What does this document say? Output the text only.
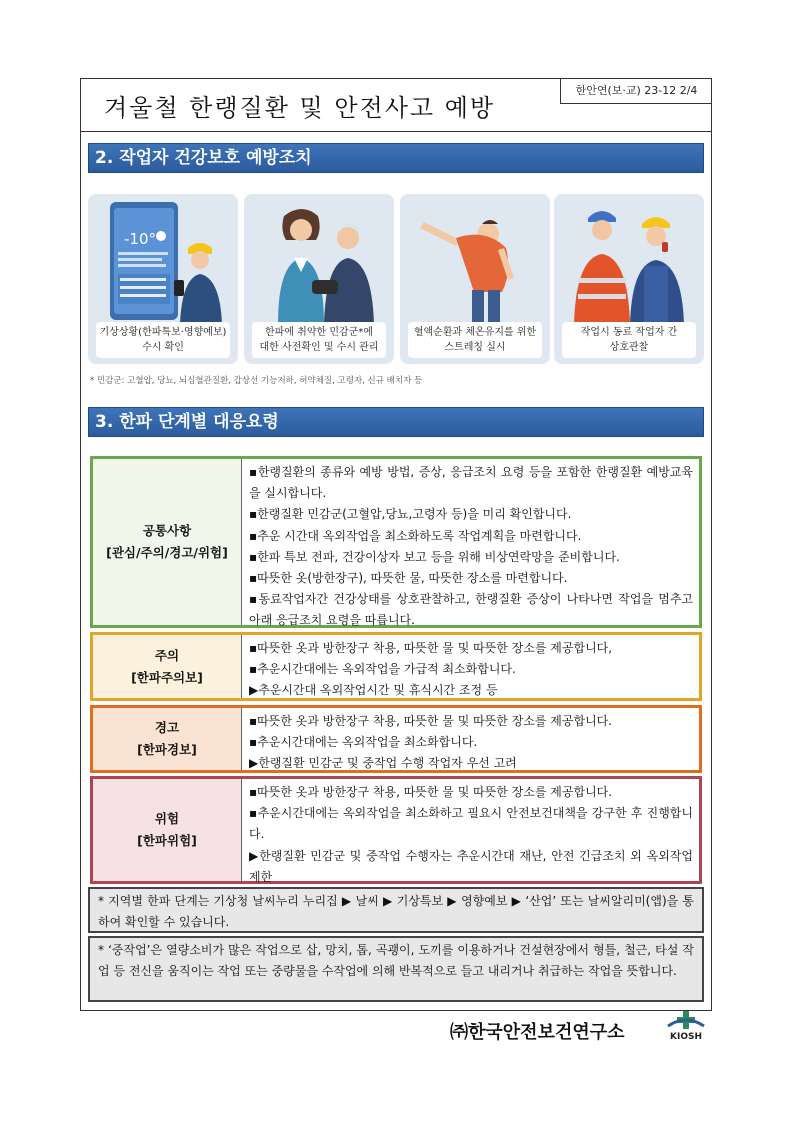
겨울철 한랭질환 및 안전사고 예방
한안연(보·교) 23-12 2/4
2. 작업자 건강보호 예방조치
-10°
기상상황(한파특보·영향예보)
수시 확인
한파에 취약한 민감군*에
대한 사전확인 및 수시 관리
혈액순환과 체온유지를 위한
스트레칭 실시
작업시 동료 작업자 간
상호관찰
* 민감군: 고혈압, 당뇨, 뇌심혈관질환, 갑상선 기능저하, 허약체질, 고령자, 신규 배치자 등
3. 한파 단계별 대응요령
공통사항
[관심/주의/경고/위험]

▪한랭질환의 종류와 예방 방법, 증상, 응급조치 요령 등을 포함한 한랭질환 예방교육을 실시합니다.

▪한랭질환 민감군(고혈압,당뇨,고령자 등)을 미리 확인합니다.

▪추운 시간대 옥외작업을 최소화하도록 작업계획을 마련합니다.

▪한파 특보 전파, 건강이상자 보고 등을 위해 비상연락망을 준비합니다.

▪따뜻한 옷(방한장구), 따뜻한 물, 따뜻한 장소를 마련합니다.

▪동료작업자간 건강상태를 상호관찰하고, 한랭질환 증상이 나타나면 작업을 멈추고 아래 응급조치 요령을 따릅니다.

주의
[한파주의보]

▪따뜻한 옷과 방한장구 착용, 따뜻한 물 및 따뜻한 장소를 제공합니다,

▪추운시간대에는 옥외작업을 가급적 최소화합니다.

▶추운시간대 옥외작업시간 및 휴식시간 조정 등

경고
[한파경보]

▪따뜻한 옷과 방한장구 착용, 따뜻한 물 및 따뜻한 장소를 제공합니다.

▪추운시간대에는 옥외작업을 최소화합니다.

▶한랭질환 민감군 및 중작업 수행 작업자 우선 고려

위험
[한파위험]

▪따뜻한 옷과 방한장구 착용, 따뜻한 물 및 따뜻한 장소를 제공합니다.

▪추운시간대에는 옥외작업을 최소화하고 필요시 안전보건대책을 강구한 후 진행합니다.

▶한랭질환 민감군 및 중작업 수행자는 추운시간대 재난, 안전 긴급조치 외 옥외작업 제한

* 지역별 한파 단계는 기상청 날씨누리 누리집 ▶ 날씨 ▶ 기상특보 ▶ 영향예보 ▶ ‘산업’ 또는 날씨알리미(앱)을 통하여 확인할 수 있습니다.
* ‘중작업’은 열량소비가 많은 작업으로 삽, 망치, 톱, 곡괭이, 도끼를 이용하거나 건설현장에서 형틀, 철근, 타설 작업 등 전신을 움직이는 작업 또는 중량물을 수작업에 의해 반복적으로 들고 내리거나 취급하는 작업을 뜻합니다.
㈜한국안전보건연구소	KIOSH
